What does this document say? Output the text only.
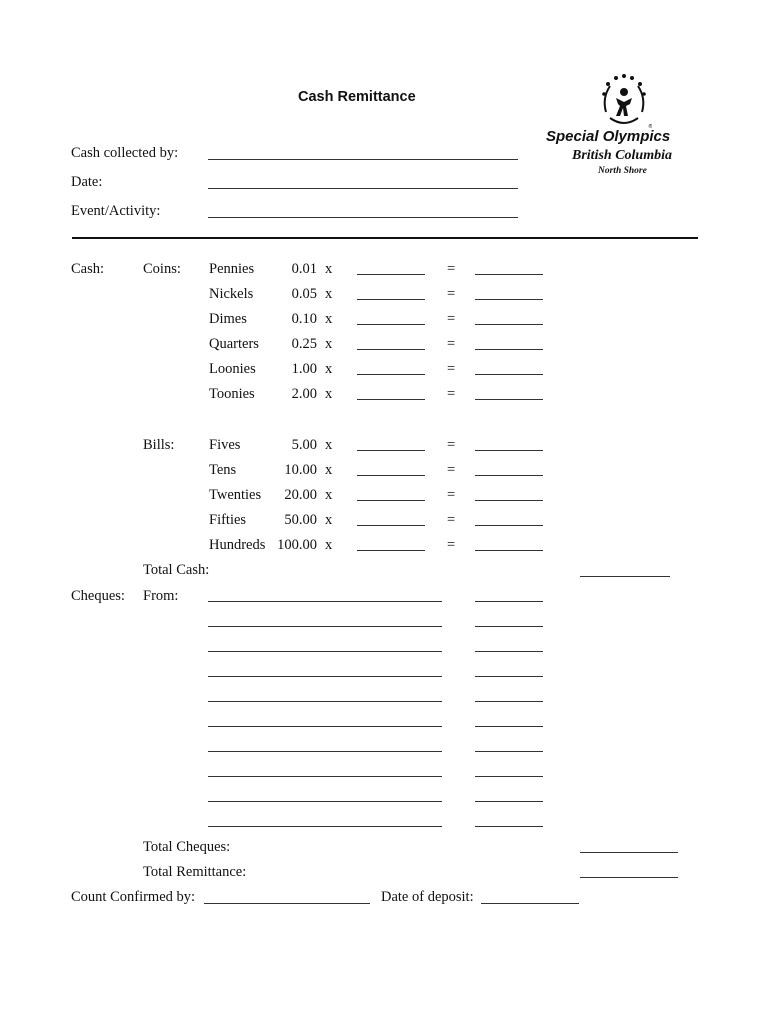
Cash Remittance
®
Special Olympics
British Columbia
North Shore
Cash collected by:
Date:
Event/Activity:
Cash:	Coins:
Bills:
Pennies	0.01 x	=
Nickels	0.05 x	=
Dimes	0.10 x	=
Quarters	0.25 x	=
Loonies	1.00 x	=
Toonies	2.00 x	=
Fives	5.00 x	=
Tens	10.00 x	=
Twenties	20.00 x	=
Fifties	50.00 x	=
Hundreds 100.00 x	=
Total Cash:
Cheques: From:
Total Cheques:
Total Remittance:
Count Confirmed by:	Date of deposit:
